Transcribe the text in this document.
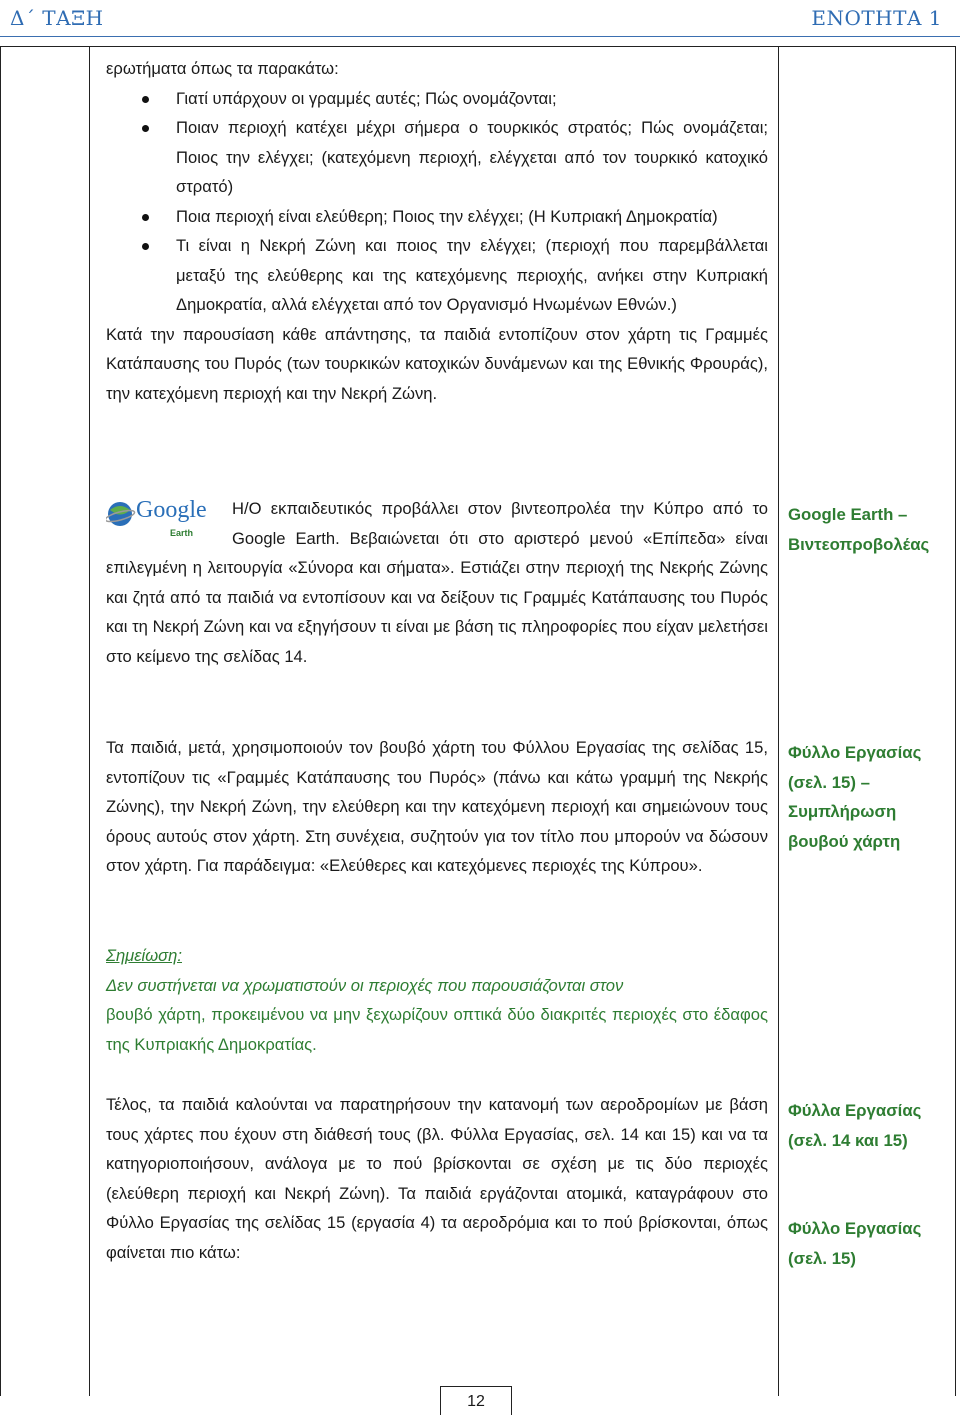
Δ΄ ΤΑΞΗ	ΕΝΟΤΗΤΑ 1

ερωτήματα όπως τα παρακάτω:

Γιατί υπάρχουν οι γραμμές αυτές; Πώς ονομάζονται;
Ποιαν περιοχή κατέχει μέχρι σήμερα ο τουρκικός στρατός; Πώς ονομάζεται; Ποιος την ελέγχει; (κατεχόμενη περιοχή, ελέγχεται από τον τουρκικό κατοχικό στρατό)
Ποια περιοχή είναι ελεύθερη; Ποιος την ελέγχει; (Η Κυπριακή Δημοκρατία)
Τι είναι η Νεκρή Ζώνη και ποιος την ελέγχει; (περιοχή που παρεμβάλλεται μεταξύ της ελεύθερης και της κατεχόμενης περιοχής, ανήκει στην Κυπριακή Δημοκρατία, αλλά ελέγχεται από τον Οργανισμό Ηνωμένων Εθνών.)

Κατά την παρουσίαση κάθε απάντησης, τα παιδιά εντοπίζουν στον χάρτη τις Γραμμές Κατάπαυσης του Πυρός (των τουρκικών κατοχικών δυνάμενων και της Εθνικής Φρουράς), την κατεχόμενη περιοχή και την Νεκρή Ζώνη.

Google
Earth

Η/Ο εκπαιδευτικός προβάλλει στον βιντεοπρολέα την Κύπρο από το Google Earth. Βεβαιώνεται ότι στο αριστερό μενού «Επίπεδα» είναι επιλεγμένη η λειτουργία «Σύνορα και σήματα». Εστιάζει στην περιοχή της Νεκρής Ζώνης και ζητά από τα παιδιά να εντοπίσουν και να δείξουν τις Γραμμές Κατάπαυσης του Πυρός και τη Νεκρή Ζώνη και να εξηγήσουν τι είναι με βάση τις πληροφορίες που είχαν μελετήσει στο κείμενο της σελίδας 14.

Google Earth – Βιντεοπροβολέας

Τα παιδιά, μετά, χρησιμοποιούν τον βουβό χάρτη του Φύλλου Εργασίας της σελίδας 15, εντοπίζουν τις «Γραμμές Κατάπαυσης του Πυρός» (πάνω και κάτω γραμμή της Νεκρής Ζώνης), την Νεκρή Ζώνη, την ελεύθερη και την κατεχόμενη περιοχή και σημειώνουν τους όρους αυτούς στον χάρτη. Στη συνέχεια, συζητούν για τον τίτλο που μπορούν να δώσουν στον χάρτη. Για παράδειγμα: «Ελεύθερες και κατεχόμενες περιοχές της Κύπρου».

Φύλλο Εργασίας (σελ. 15) – Συμπλήρωση βουβού χάρτη

Σημείωση:

Δεν συστήνεται να χρωματιστούν οι περιοχές που παρουσιάζονται στον

βουβό χάρτη, προκειμένου να μην ξεχωρίζουν οπτικά δύο διακριτές περιοχές στο έδαφος της Κυπριακής Δημοκρατίας.

Τέλος, τα παιδιά καλούνται να παρατηρήσουν την κατανομή των αεροδρομίων με βάση τους χάρτες που έχουν στη διάθεσή τους (βλ. Φύλλα Εργασίας, σελ. 14 και 15) και να τα κατηγοριοποιήσουν, ανάλογα με το πού βρίσκονται σε σχέση με τις δύο περιοχές (ελεύθερη περιοχή και Νεκρή Ζώνη). Τα παιδιά εργάζονται ατομικά, καταγράφουν στο Φύλλο Εργασίας της σελίδας 15 (εργασία 4) τα αεροδρόμια και το πού βρίσκονται, όπως φαίνεται πιο κάτω:

Φύλλα Εργασίας (σελ. 14 και 15)
Φύλλο Εργασίας (σελ. 15)
12
